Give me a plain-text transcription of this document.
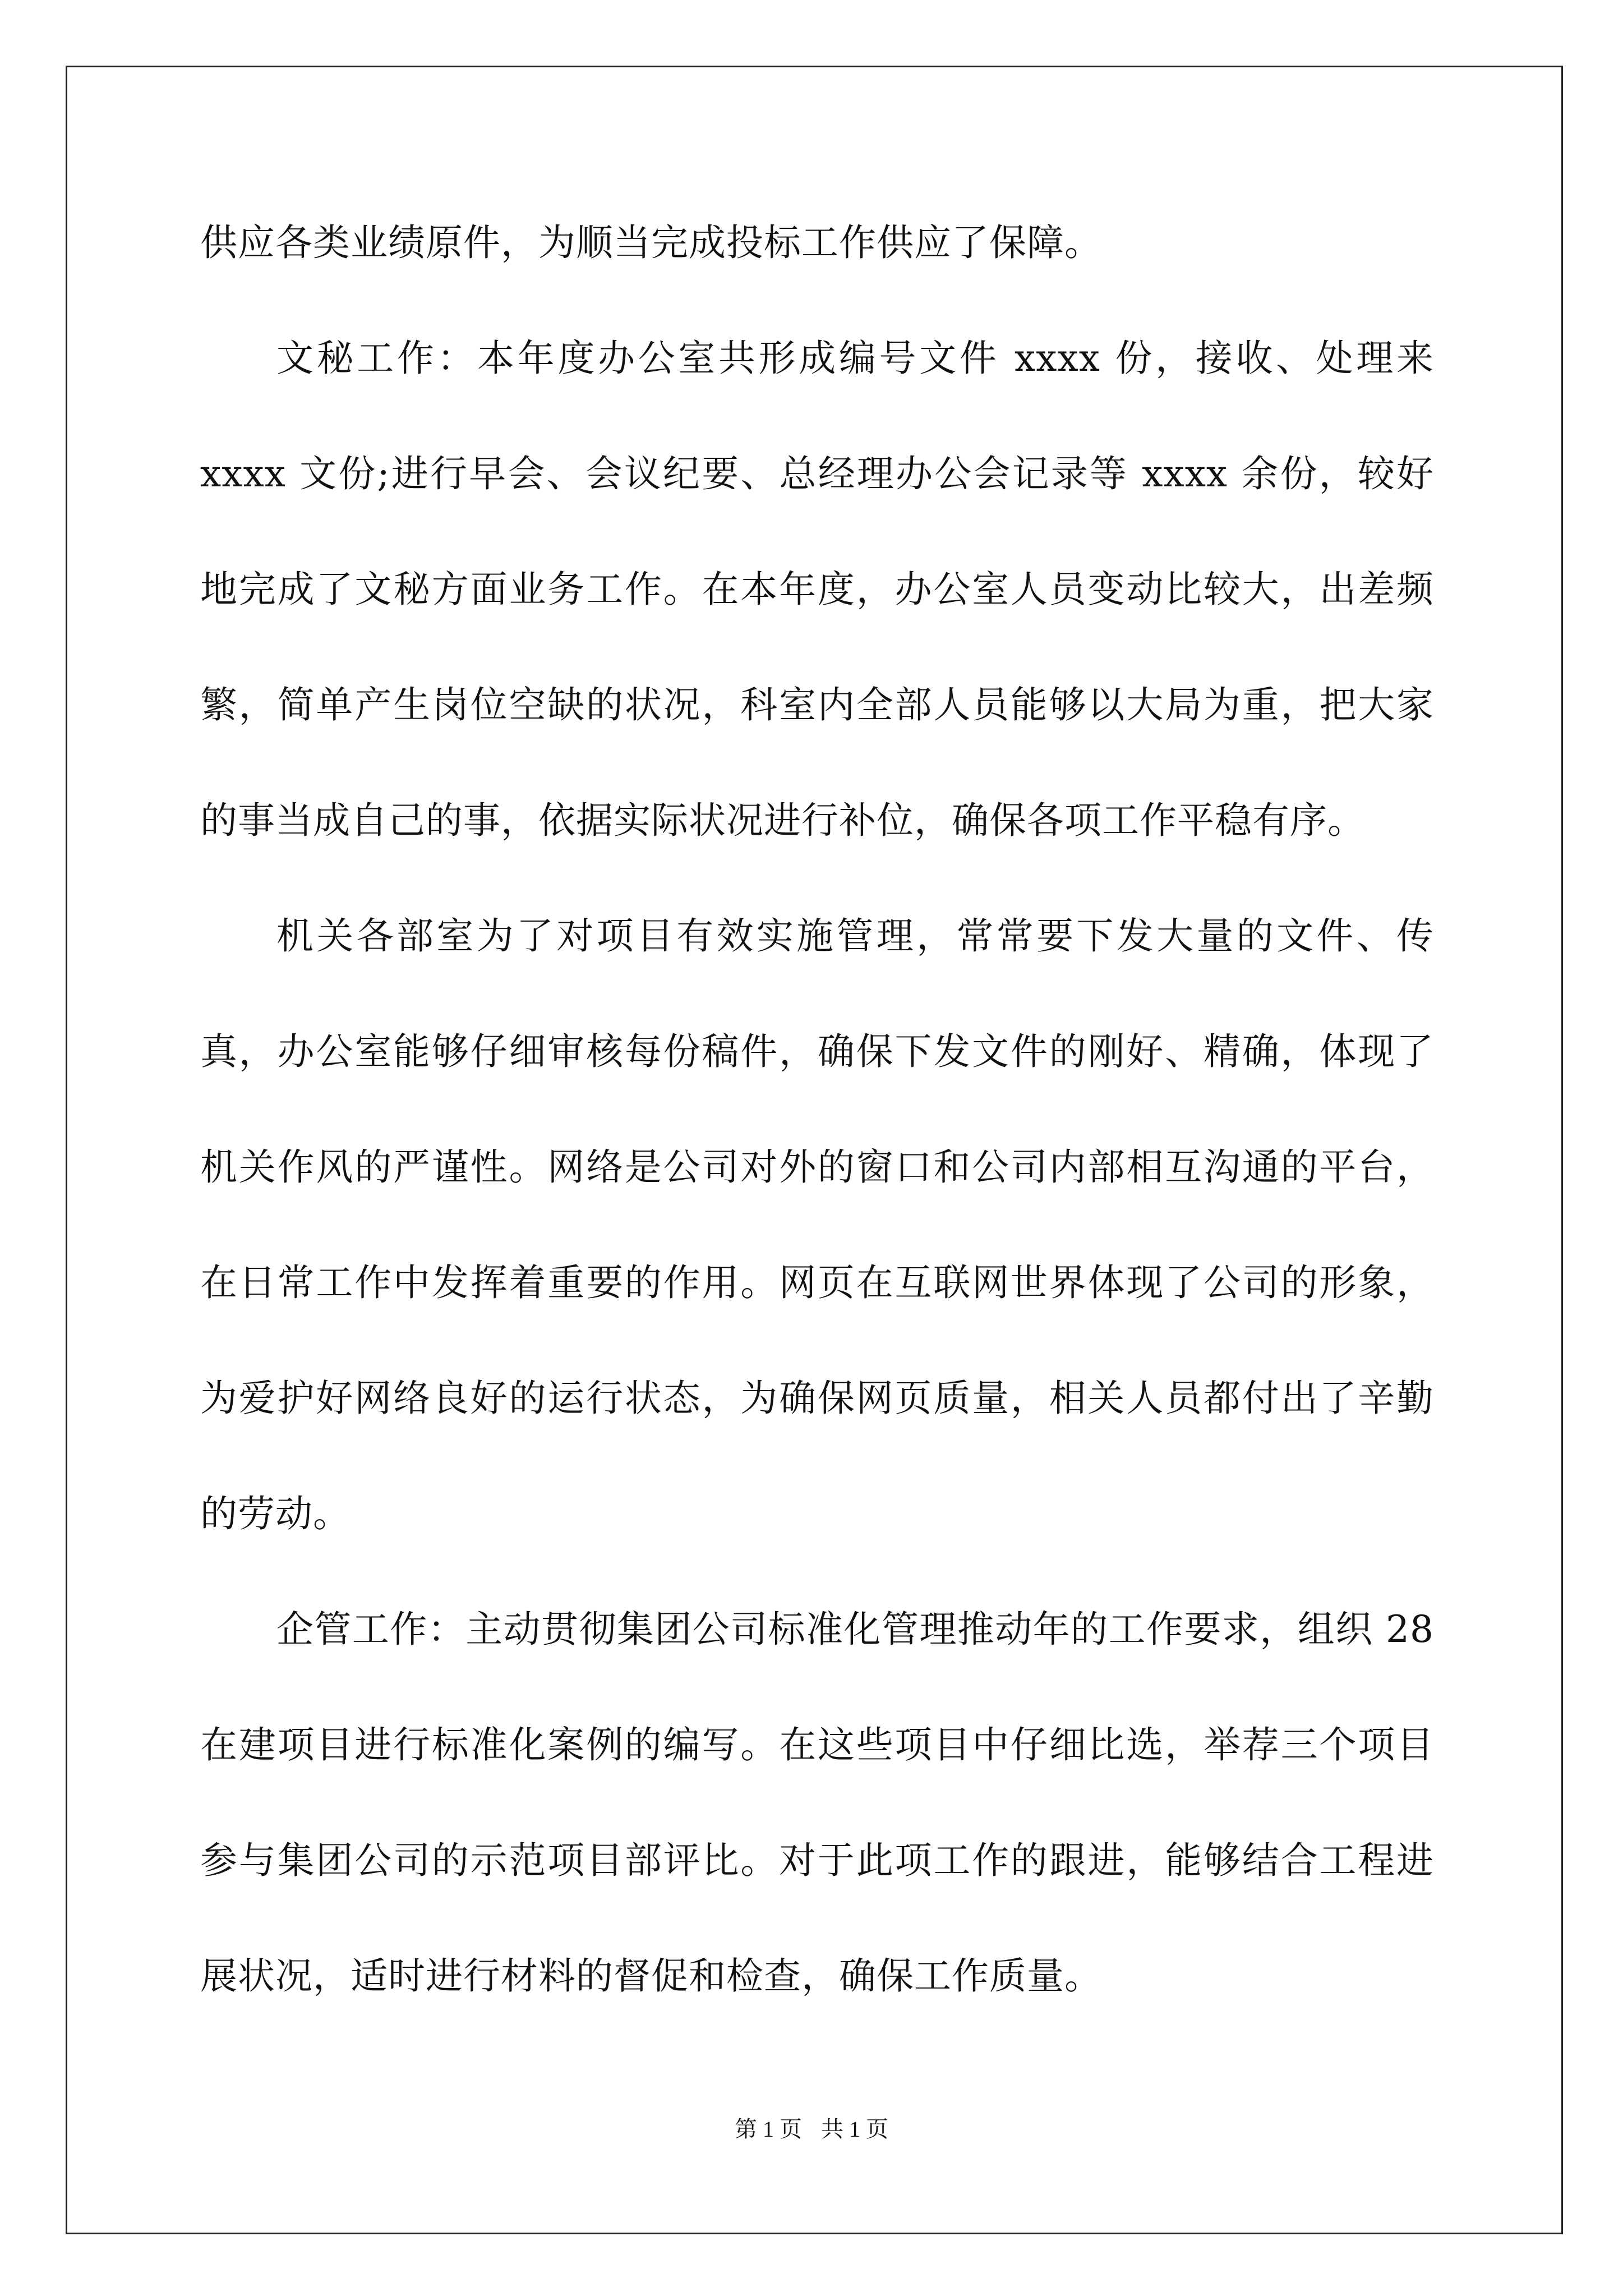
供应各类业绩原件，为顺当完成投标工作供应了保障。

文秘工作：本年度办公室共形成编号文件 xxxx 份，接收、处理来 xxxx 文份;进行早会、会议纪要、总经理办公会记录等 xxxx 余份，较好地完成了文秘方面业务工作。在本年度，办公室人员变动比较大，出差频繁，简单产生岗位空缺的状况，科室内全部人员能够以大局为重，把大家的事当成自己的事，依据实际状况进行补位，确保各项工作平稳有序。

机关各部室为了对项目有效实施管理，常常要下发大量的文件、传真，办公室能够仔细审核每份稿件，确保下发文件的刚好、精确，体现了机关作风的严谨性。网络是公司对外的窗口和公司内部相互沟通的平台，在日常工作中发挥着重要的作用。网页在互联网世界体现了公司的形象，为爱护好网络良好的运行状态，为确保网页质量，相关人员都付出了辛勤的劳动。

企管工作：主动贯彻集团公司标准化管理推动年的工作要求，组织 28 在建项目进行标准化案例的编写。在这些项目中仔细比选，举荐三个项目参与集团公司的示范项目部评比。对于此项工作的跟进，能够结合工程进展状况，适时进行材料的督促和检查，确保工作质量。

第 1 页 共 1 页
